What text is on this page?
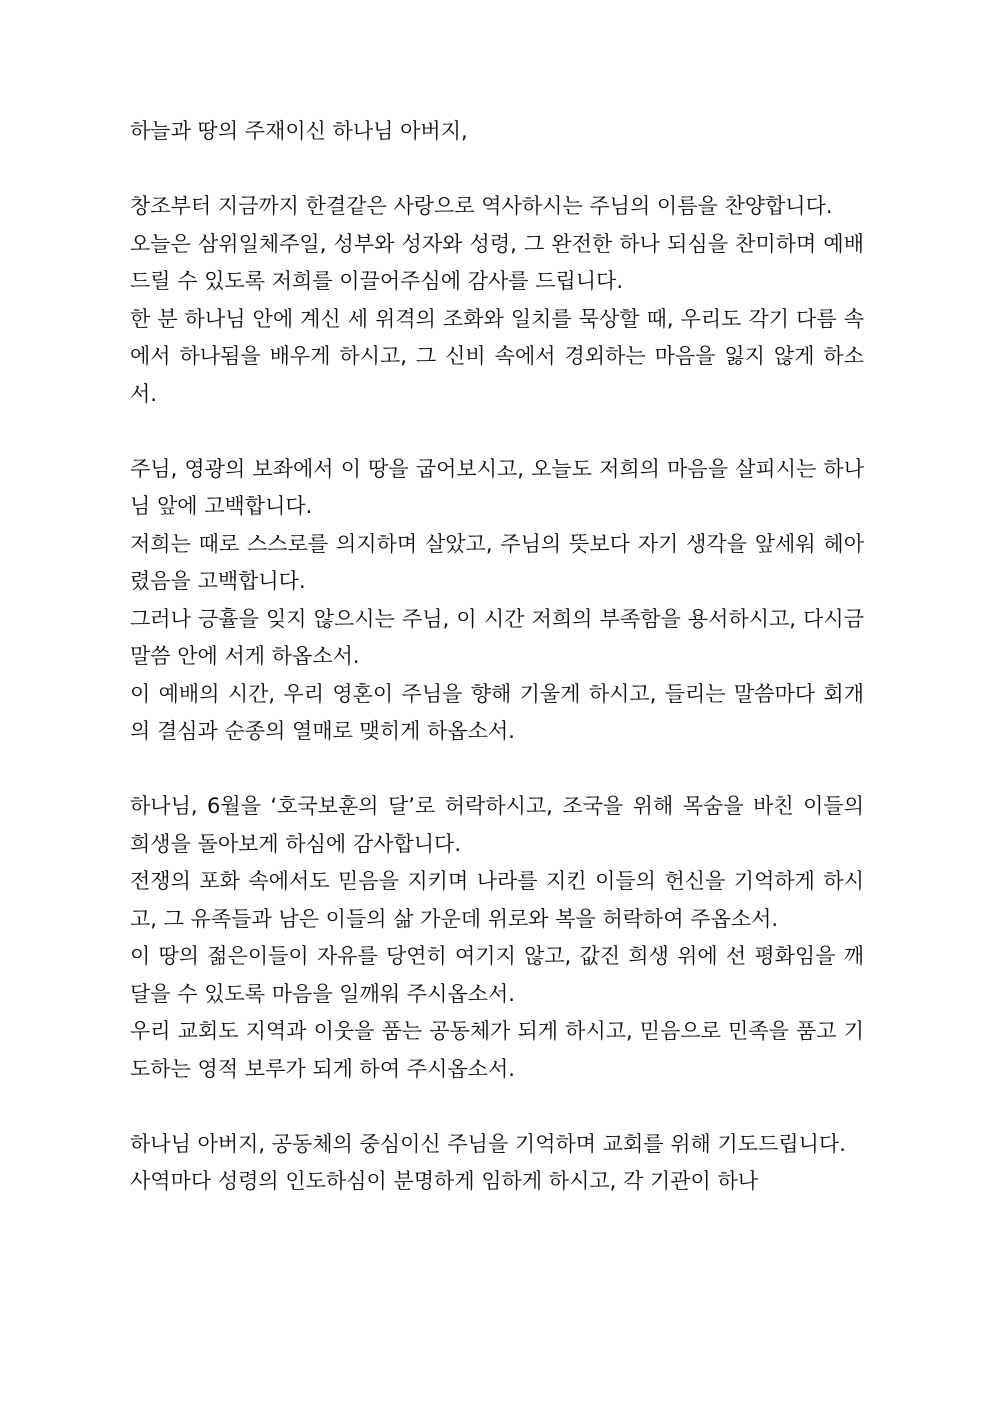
하늘과 땅의 주재이신 하나님 아버지,

창조부터 지금까지 한결같은 사랑으로 역사하시는 주님의 이름을 찬양합니다.

오늘은 삼위일체주일, 성부와 성자와 성령, 그 완전한 하나 되심을 찬미하며 예배드릴 수 있도록 저희를 이끌어주심에 감사를 드립니다.

한 분 하나님 안에 계신 세 위격의 조화와 일치를 묵상할 때, 우리도 각기 다름 속에서 하나됨을 배우게 하시고, 그 신비 속에서 경외하는 마음을 잃지 않게 하소서.

주님, 영광의 보좌에서 이 땅을 굽어보시고, 오늘도 저희의 마음을 살피시는 하나님 앞에 고백합니다.

저희는 때로 스스로를 의지하며 살았고, 주님의 뜻보다 자기 생각을 앞세워 헤아렸음을 고백합니다.

그러나 긍휼을 잊지 않으시는 주님, 이 시간 저희의 부족함을 용서하시고, 다시금 말씀 안에 서게 하옵소서.

이 예배의 시간, 우리 영혼이 주님을 향해 기울게 하시고, 들리는 말씀마다 회개의 결심과 순종의 열매로 맺히게 하옵소서.

하나님, 6월을 ‘호국보훈의 달’로 허락하시고, 조국을 위해 목숨을 바친 이들의 희생을 돌아보게 하심에 감사합니다.

전쟁의 포화 속에서도 믿음을 지키며 나라를 지킨 이들의 헌신을 기억하게 하시고, 그 유족들과 남은 이들의 삶 가운데 위로와 복을 허락하여 주옵소서.

이 땅의 젊은이들이 자유를 당연히 여기지 않고, 값진 희생 위에 선 평화임을 깨달을 수 있도록 마음을 일깨워 주시옵소서.

우리 교회도 지역과 이웃을 품는 공동체가 되게 하시고, 믿음으로 민족을 품고 기도하는 영적 보루가 되게 하여 주시옵소서.

하나님 아버지, 공동체의 중심이신 주님을 기억하며 교회를 위해 기도드립니다.

사역마다 성령의 인도하심이 분명하게 임하게 하시고, 각 기관이 하나
